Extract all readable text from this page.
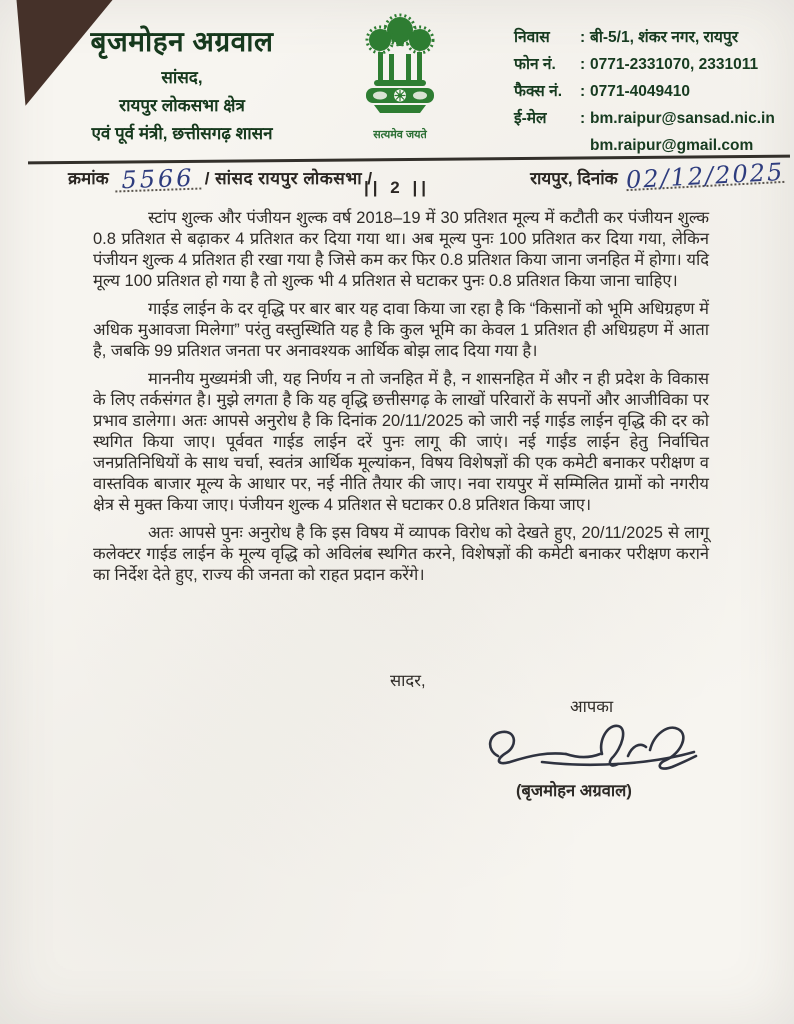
बृजमोहन अग्रवाल
सांसद,
रायपुर लोकसभा क्षेत्र
एवं पूर्व मंत्री, छत्तीसगढ़ शासन	सत्यमेव जयते
निवास	: बी-5/1, शंकर नगर, रायपुर
फोन नं.	: 0771-2331070, 2331011
फैक्स नं.	: 0771-4049410
ई-मेल	: bm.raipur@sansad.nic.in
bm.raipur@gmail.com
क्रमांक 5566 / सांसद रायपुर लोकसभा /	रायपुर, दिनांक 02/12/2025
|| 2 ||

स्टांप शुल्क और पंजीयन शुल्क वर्ष 2018–19 में 30 प्रतिशत मूल्य में कटौती कर पंजीयन शुल्क 0.8 प्रतिशत से बढ़ाकर 4 प्रतिशत कर दिया गया था। अब मूल्य पुनः 100 प्रतिशत कर दिया गया, लेकिन पंजीयन शुल्क 4 प्रतिशत ही रखा गया है जिसे कम कर फिर 0.8 प्रतिशत किया जाना जनहित में होगा। यदि मूल्य 100 प्रतिशत हो गया है तो शुल्क भी 4 प्रतिशत से घटाकर पुनः 0.8 प्रतिशत किया जाना चाहिए।

गाईड लाईन के दर वृद्धि पर बार बार यह दावा किया जा रहा है कि “किसानों को भूमि अधिग्रहण में अधिक मुआवजा मिलेगा” परंतु वस्तुस्थिति यह है कि कुल भूमि का केवल 1 प्रतिशत ही अधिग्रहण में आता है, जबकि 99 प्रतिशत जनता पर अनावश्यक आर्थिक बोझ लाद दिया गया है।

माननीय मुख्यमंत्री जी, यह निर्णय न तो जनहित में है, न शासनहित में और न ही प्रदेश के विकास के लिए तर्कसंगत है। मुझे लगता है कि यह वृद्धि छत्तीसगढ़ के लाखों परिवारों के सपनों और आजीविका पर प्रभाव डालेगा। अतः आपसे अनुरोध है कि दिनांक 20/11/2025 को जारी नई गाईड लाईन वृद्धि की दर को स्थगित किया जाए। पूर्ववत गाईड लाईन दरें पुनः लागू की जाएं। नई गाईड लाईन हेतु निर्वाचित जनप्रतिनिधियों के साथ चर्चा, स्वतंत्र आर्थिक मूल्यांकन, विषय विशेषज्ञों की एक कमेटी बनाकर परीक्षण व वास्तविक बाजार मूल्य के आधार पर, नई नीति तैयार की जाए। नवा रायपुर में सम्मिलित ग्रामों को नगरीय क्षेत्र से मुक्त किया जाए। पंजीयन शुल्क 4 प्रतिशत से घटाकर 0.8 प्रतिशत किया जाए।

अतः आपसे पुनः अनुरोध है कि इस विषय में व्यापक विरोध को देखते हुए, 20/11/2025 से लागू कलेक्टर गाईड लाईन के मूल्य वृद्धि को अविलंब स्थगित करने, विशेषज्ञों की कमेटी बनाकर परीक्षण कराने का निर्देश देते हुए, राज्य की जनता को राहत प्रदान करेंगे।

सादर,
आपका
(बृजमोहन अग्रवाल)
